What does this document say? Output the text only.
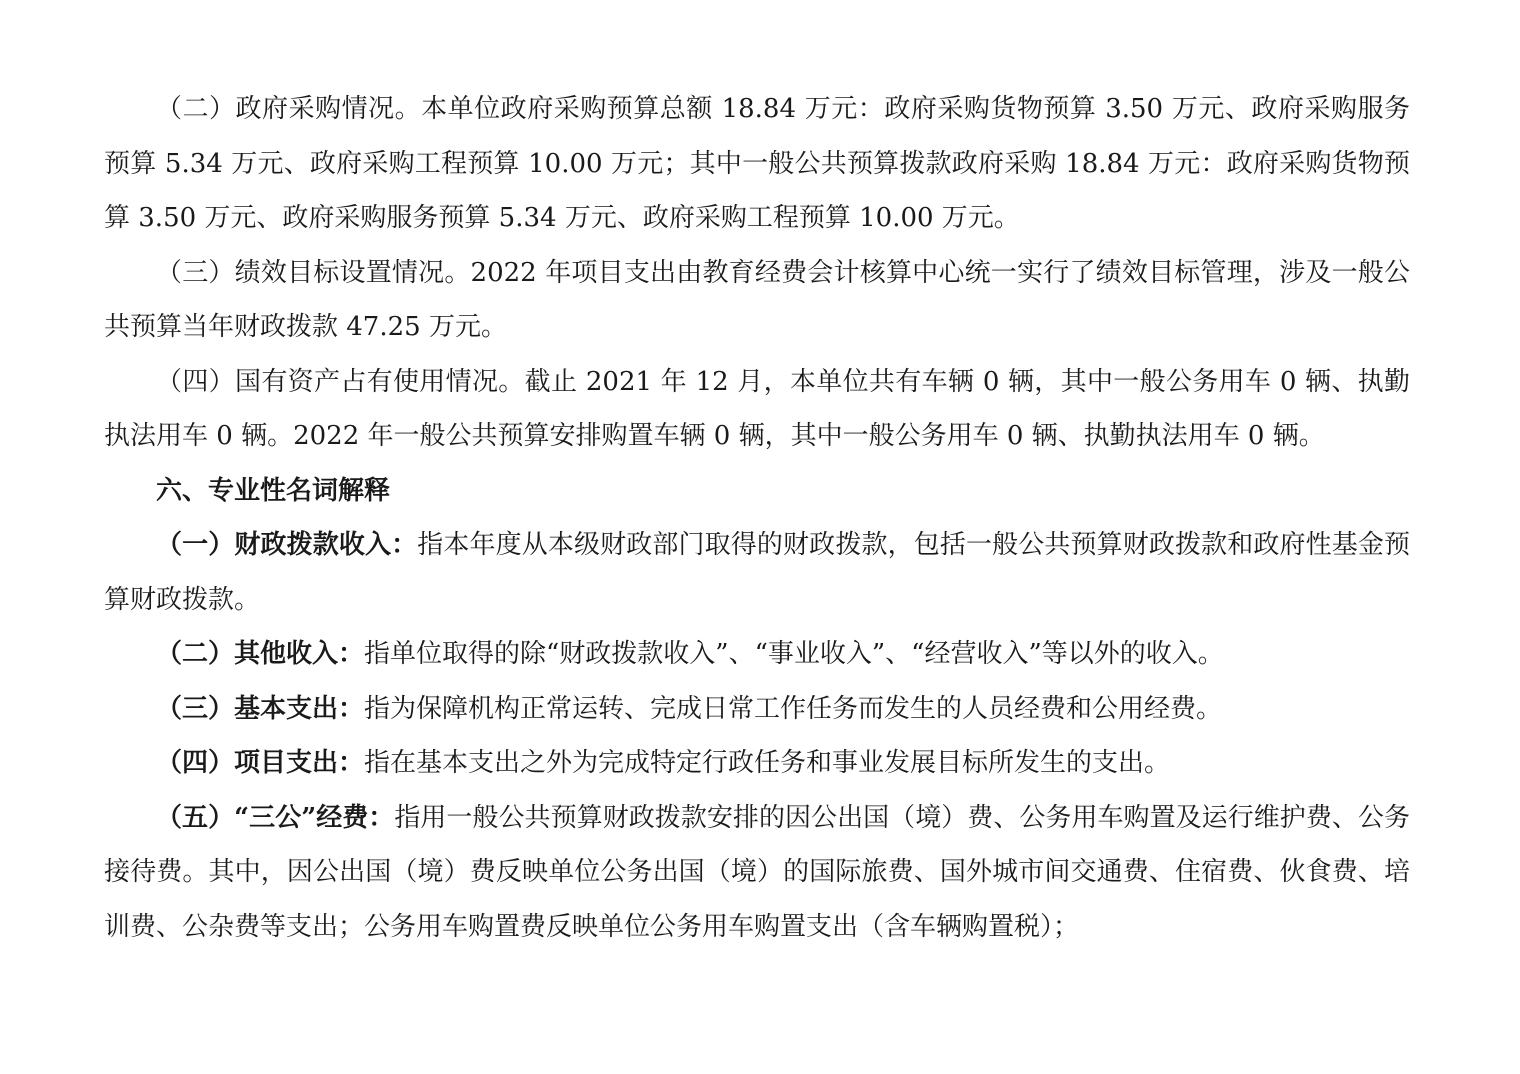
（二）政府采购情况。本单位政府采购预算总额 18.84 万元：政府采购货物预算 3.50 万元、政府采购服务预算 5.34 万元、政府采购工程预算 10.00 万元；其中一般公共预算拨款政府采购 18.84 万元：政府采购货物预算 3.50 万元、政府采购服务预算 5.34 万元、政府采购工程预算 10.00 万元。

（三）绩效目标设置情况。2022 年项目支出由教育经费会计核算中心统一实行了绩效目标管理，涉及一般公共预算当年财政拨款 47.25 万元。

（四）国有资产占有使用情况。截止 2021 年 12 月，本单位共有车辆 0 辆，其中一般公务用车 0 辆、执勤执法用车 0 辆。2022 年一般公共预算安排购置车辆 0 辆，其中一般公务用车 0 辆、执勤执法用车 0 辆。

六、专业性名词解释

（一）财政拨款收入：指本年度从本级财政部门取得的财政拨款，包括一般公共预算财政拨款和政府性基金预算财政拨款。

（二）其他收入：指单位取得的除“财政拨款收入”、“事业收入”、“经营收入”等以外的收入。

（三）基本支出：指为保障机构正常运转、完成日常工作任务而发生的人员经费和公用经费。

（四）项目支出：指在基本支出之外为完成特定行政任务和事业发展目标所发生的支出。

（五）“三公”经费：指用一般公共预算财政拨款安排的因公出国（境）费、公务用车购置及运行维护费、公务接待费。其中，因公出国（境）费反映单位公务出国（境）的国际旅费、国外城市间交通费、住宿费、伙食费、培训费、公杂费等支出；公务用车购置费反映单位公务用车购置支出（含车辆购置税）；
